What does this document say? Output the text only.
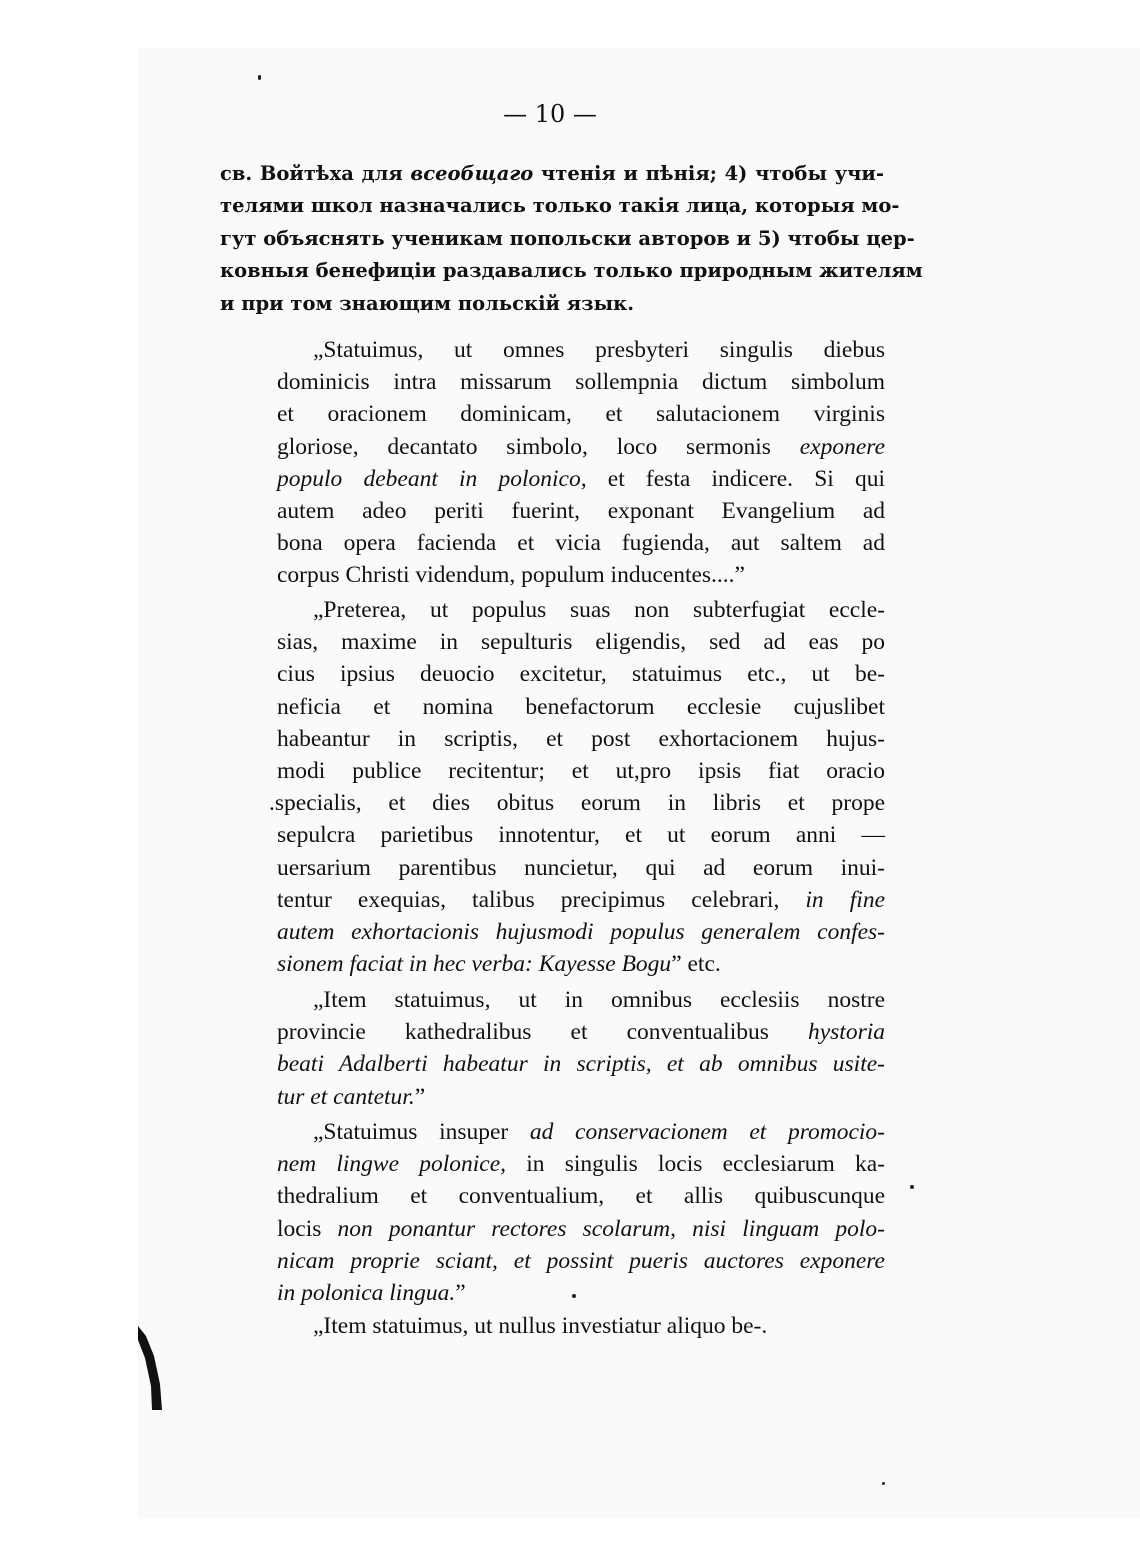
— 10 —
св. Войтѣха для всеобщаго чтенія и пѣнія; 4) чтобы учи-
телями школ назначались только такія лица, которыя мо-
гут объяснять ученикам попольски авторов и 5) чтобы цер-
ковныя бенефиціи раздавались только природным жителям
и при том знающим польскій язык.
„Statuimus, ut omnes presbyteri singulis diebus
dominicis intra missarum sollempnia dictum simbolum
et oracionem dominicam, et salutacionem virginis
gloriose, decantato simbolo, loco sermonis exponere
populo debeant in polonico, et festa indicere. Si qui
autem adeo periti fuerint, exponant Evangelium ad
bona opera facienda et vicia fugienda, aut saltem ad
corpus Christi videndum, populum inducentes....”
„Preterea, ut populus suas non subterfugiat eccle-
sias, maxime in sepulturis eligendis, sed ad eas po
cius ipsius deuocio excitetur, statuimus etc., ut be-
neficia et nomina benefactorum ecclesie cujuslibet
habeantur in scriptis, et post exhortacionem hujus-
modi publice recitentur; et ut,pro ipsis fiat oracio
.specialis, et dies obitus eorum in libris et prope
sepulcra parietibus innotentur, et ut eorum anni —
uersarium parentibus nuncietur, qui ad eorum inui-
tentur exequias, talibus precipimus celebrari, in fine
autem exhortacionis hujusmodi populus generalem confes-
sionem faciat in hec verba: Kayesse Bogu” etc.
„Item statuimus, ut in omnibus ecclesiis nostre
provincie kathedralibus et conventualibus hystoria
beati Adalberti habeatur in scriptis, et ab omnibus usite-
tur et cantetur.”
„Statuimus insuper ad conservacionem et promocio-
nem lingwe polonice, in singulis locis ecclesiarum ka-
thedralium et conventualium, et allis quibuscunque
locis non ponantur rectores scolarum, nisi linguam polo-
nicam proprie sciant, et possint pueris auctores exponere
in polonica lingua.”
„Item statuimus, ut nullus investiatur aliquo be-.
